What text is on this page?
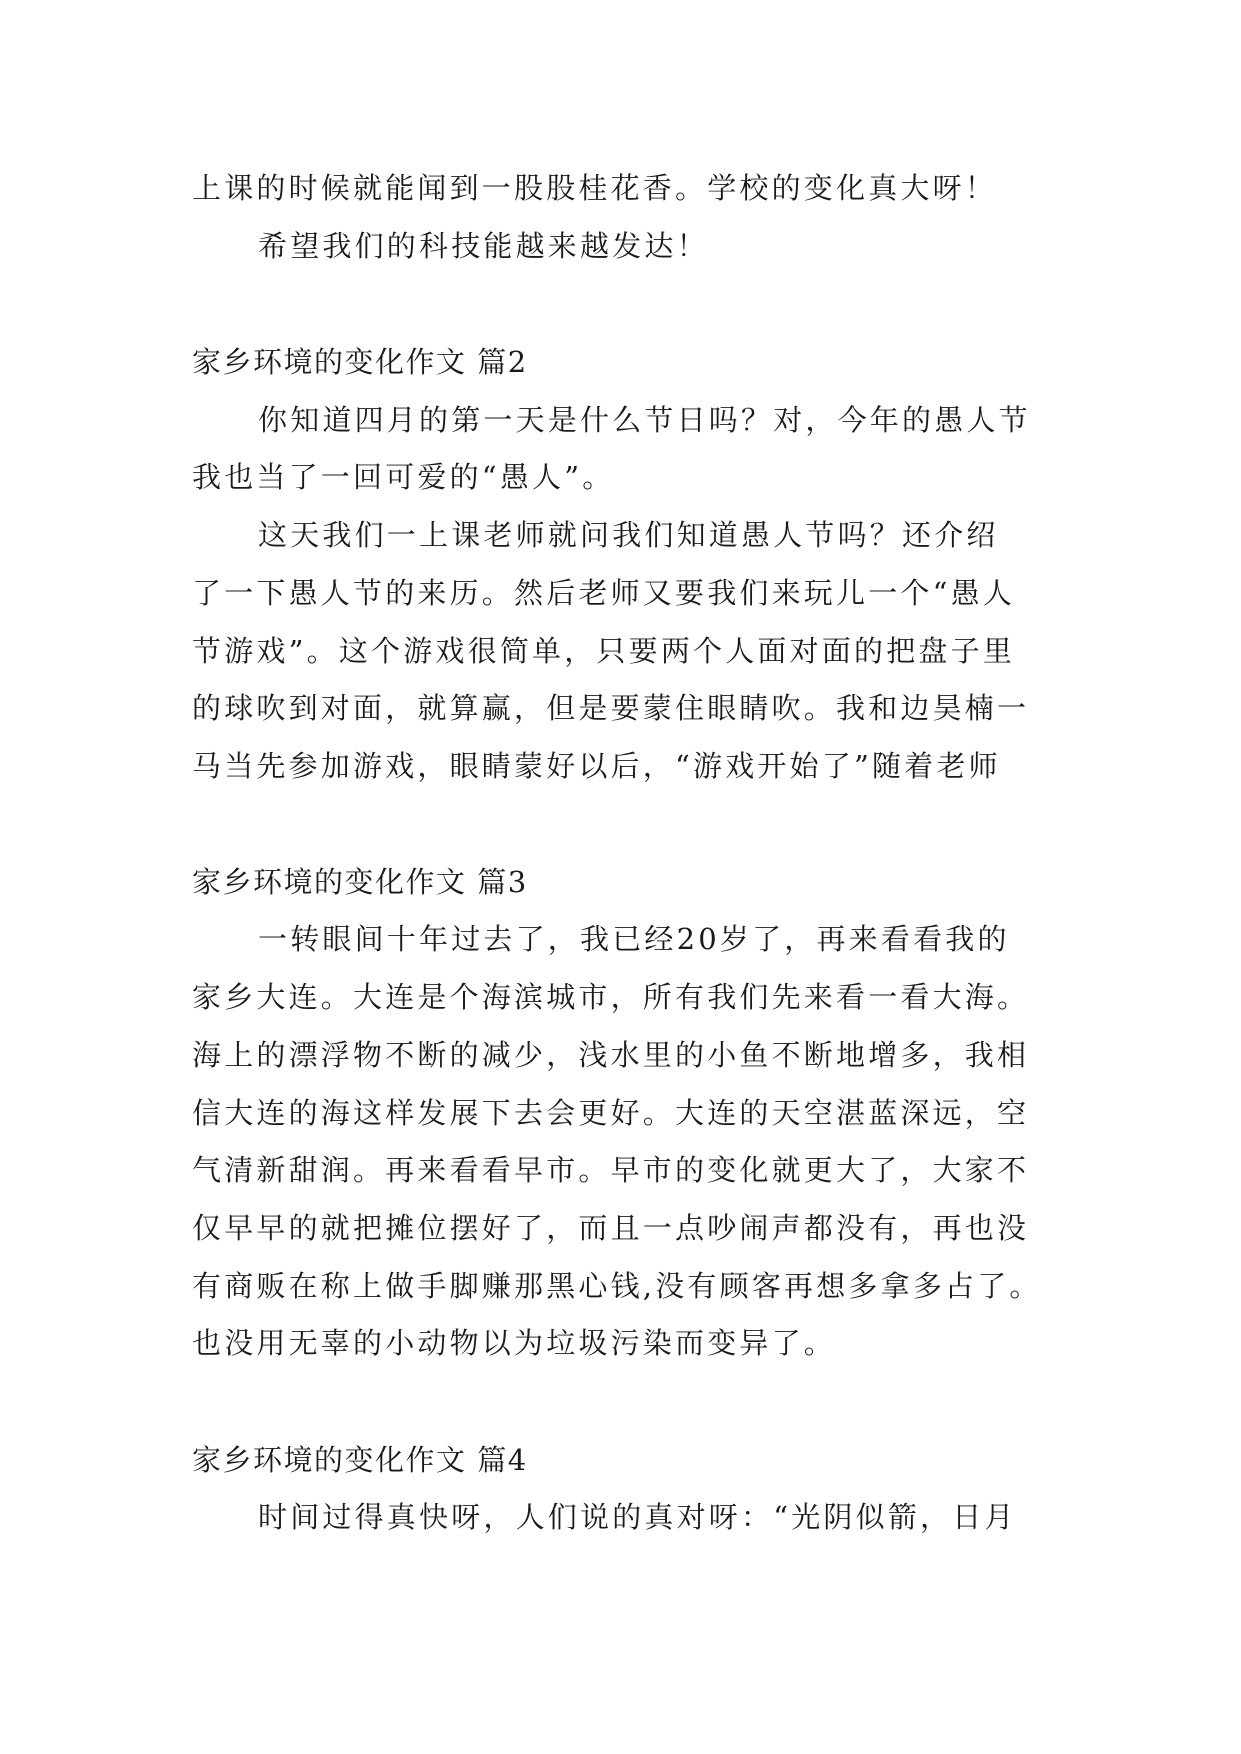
上课的时候就能闻到一股股桂花香。学校的变化真大呀！
希望我们的科技能越来越发达！
家乡环境的变化作文 篇2
你知道四月的第一天是什么节日吗？对，今年的愚人节
我也当了一回可爱的“愚人”。
这天我们一上课老师就问我们知道愚人节吗？还介绍
了一下愚人节的来历。然后老师又要我们来玩儿一个“愚人
节游戏”。这个游戏很简单，只要两个人面对面的把盘子里
的球吹到对面，就算赢，但是要蒙住眼睛吹。我和边昊楠一
马当先参加游戏，眼睛蒙好以后，“游戏开始了”随着老师
家乡环境的变化作文 篇3
一转眼间十年过去了，我已经20岁了，再来看看我的
家乡大连。大连是个海滨城市，所有我们先来看一看大海。
海上的漂浮物不断的减少，浅水里的小鱼不断地增多，我相
信大连的海这样发展下去会更好。大连的天空湛蓝深远，空
气清新甜润。再来看看早市。早市的变化就更大了，大家不
仅早早的就把摊位摆好了，而且一点吵闹声都没有，再也没
有商贩在称上做手脚赚那黑心钱,没有顾客再想多拿多占了。
也没用无辜的小动物以为垃圾污染而变异了。
家乡环境的变化作文 篇4
时间过得真快呀，人们说的真对呀：“光阴似箭，日月
